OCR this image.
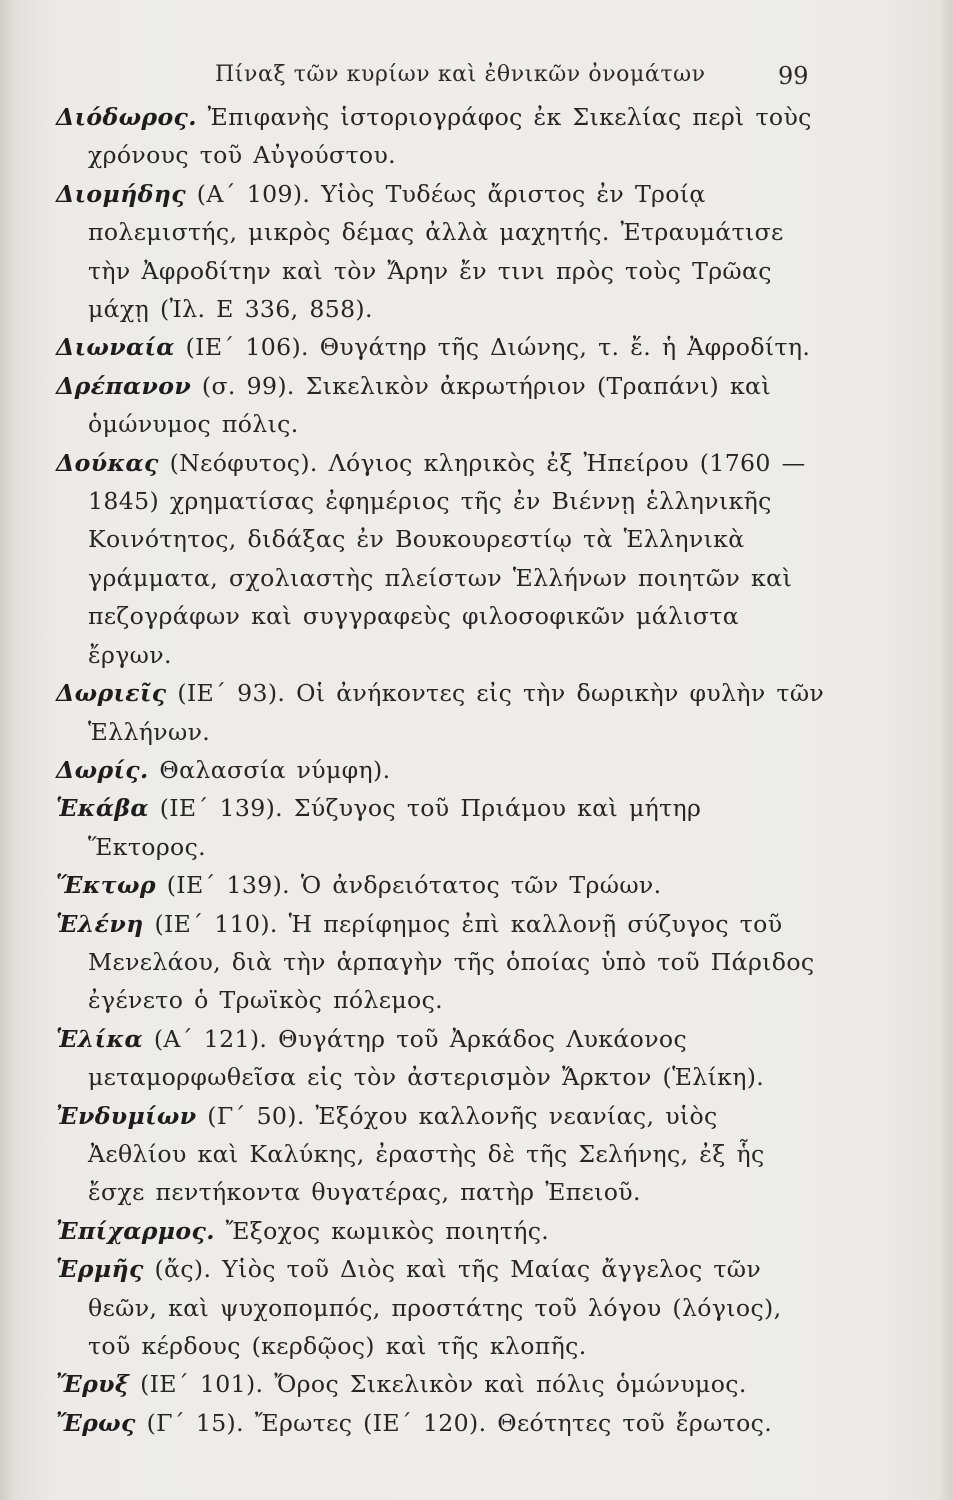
Πίναξ τῶν κυρίων καὶ ἐθνικῶν ὀνομάτων	99

Διόδωρος. Ἐπιφανὴς ἱστοριογράφος ἐκ Σικελίας περὶ τοὺς χρόνους τοῦ Αὐγούστου.

Διομήδης (Α΄ 109). Υἱὸς Τυδέως ἄριστος ἐν Τροίᾳ πολεμιστής, μικρὸς δέμας ἀλλὰ μαχητής. Ἐτραυμάτισε τὴν Ἀφροδίτην καὶ τὸν Ἄρην ἔν τινι πρὸς τοὺς Τρῶας μάχῃ (Ἰλ. Ε 336, 858).

Διωναία (ΙΕ΄ 106). Θυγάτηρ τῆς Διώνης, τ. ἔ. ἡ Ἀφροδίτη.

Δρέπανον (σ. 99). Σικελικὸν ἀκρωτήριον (Τραπάνι) καὶ ὁμώνυμος πόλις.

Δούκας (Νεόφυτος). Λόγιος κληρικὸς ἐξ Ἠπείρου (1760 — 1845) χρηματίσας ἐφημέριος τῆς ἐν Βιέννῃ ἑλληνικῆς Κοινότητος, διδάξας ἐν Βουκουρεστίῳ τὰ Ἑλληνικὰ γράμματα, σχολιαστὴς πλείστων Ἑλλήνων ποιητῶν καὶ πεζογράφων καὶ συγγραφεὺς φιλοσοφικῶν μάλιστα ἔργων.

Δωριεῖς (ΙΕ΄ 93). Οἱ ἀνήκοντες εἰς τὴν δωρικὴν φυλὴν τῶν Ἑλλήνων.

Δωρίς. Θαλασσία νύμφη).

Ἑκάβα (ΙΕ΄ 139). Σύζυγος τοῦ Πριάμου καὶ μήτηρ Ἕκτορος.

Ἕκτωρ (ΙΕ΄ 139). Ὁ ἀνδρειότατος τῶν Τρώων.

Ἑλένη (ΙΕ΄ 110). Ἡ περίφημος ἐπὶ καλλονῇ σύζυγος τοῦ Μενελάου, διὰ τὴν ἁρπαγὴν τῆς ὁποίας ὑπὸ τοῦ Πάριδος ἐγένετο ὁ Τρωϊκὸς πόλεμος.

Ἑλίκα (Α΄ 121). Θυγάτηρ τοῦ Ἀρκάδος Λυκάονος μεταμορφωθεῖσα εἰς τὸν ἀστερισμὸν Ἄρκτον (Ἑλίκη).

Ἐνδυμίων (Γ΄ 50). Ἐξόχου καλλονῆς νεανίας, υἱὸς Ἀεθλίου καὶ Καλύκης, ἐραστὴς δὲ τῆς Σελήνης, ἐξ ἧς ἔσχε πεντήκοντα θυγατέρας, πατὴρ Ἐπειοῦ.

Ἐπίχαρμος. Ἔξοχος κωμικὸς ποιητής.

Ἑρμῆς (ἄς). Υἱὸς τοῦ Διὸς καὶ τῆς Μαίας ἄγγελος τῶν θεῶν, καὶ ψυχοπομπός, προστάτης τοῦ λόγου (λόγιος), τοῦ κέρδους (κερδῷος) καὶ τῆς κλοπῆς.

Ἔρυξ (ΙΕ΄ 101). Ὄρος Σικελικὸν καὶ πόλις ὁμώνυμος.

Ἔρως (Γ΄ 15). Ἔρωτες (ΙΕ΄ 120). Θεότητες τοῦ ἔρωτος.
